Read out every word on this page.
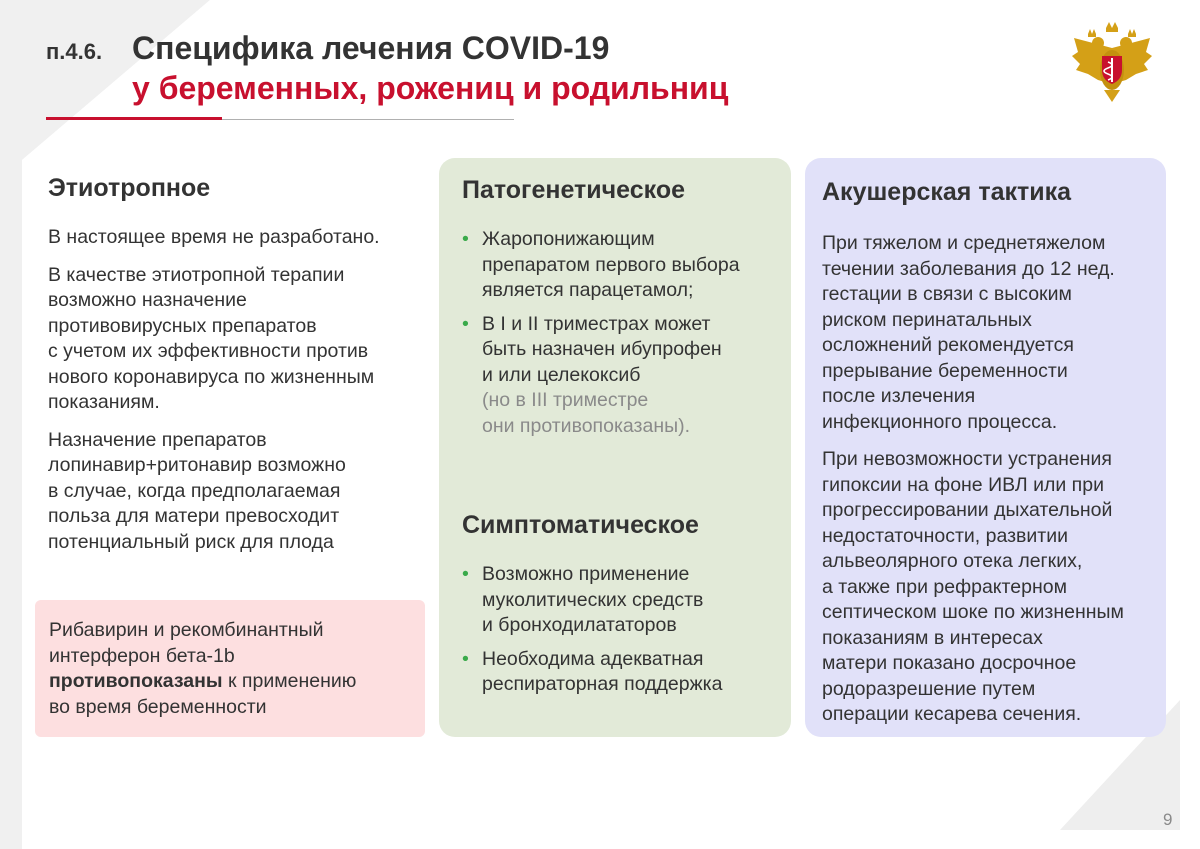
п.4.6. Специфика лечения COVID-19
у беременных, рожениц и родильниц
Этиотропное

В настоящее время не разработано.

В качестве этиотропной терапии
возможно назначение
противовирусных препаратов
с учетом их эффективности против
нового коронавируса по жизненным
показаниям.

Назначение препаратов
лопинавир+ритонавир возможно
в случае, когда предполагаемая
польза для матери превосходит
потенциальный риск для плода

Рибавирин и рекомбинантный
интерферон бета-1b
противопоказаны к применению
во время беременности

Патогенетическое
• Жаропонижающим
препаратом первого выбора
является парацетамол;
• В I и II триместрах может
быть назначен ибупрофен
и или целекоксиб
(но в III триместре
они противопоказаны).
Симптоматическое
• Возможно применение
муколитических средств
и бронходилататоров
• Необходима адекватная
респираторная поддержка
Акушерская тактика

При тяжелом и среднетяжелом
течении заболевания до 12 нед.
гестации в связи с высоким
риском перинатальных
осложнений рекомендуется
прерывание беременности
после излечения
инфекционного процесса.

При невозможности устранения
гипоксии на фоне ИВЛ или при
прогрессировании дыхательной
недостаточности, развитии
альвеолярного отека легких,
а также при рефрактерном
септическом шоке по жизненным
показаниям в интересах
матери показано досрочное
родоразрешение путем
операции кесарева сечения.

9
